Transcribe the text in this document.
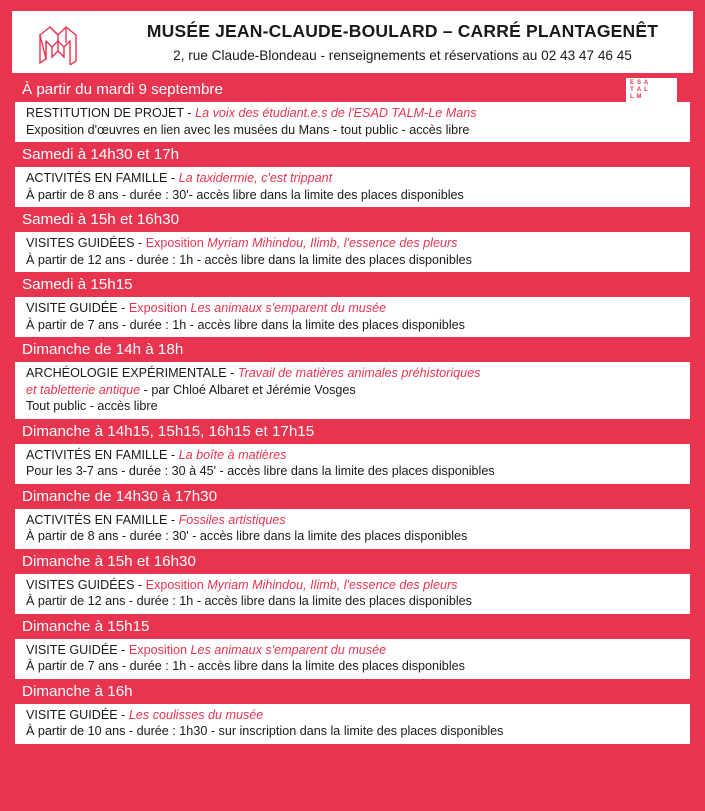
MUSÉE JEAN-CLAUDE-BOULARD – CARRÉ PLANTAGENÊT
2, rue Claude-Blondeau - renseignements et réservations au 02 43 47 46 45
À partir du mardi 9 septembre	E S A
T A L
L M
RESTITUTION DE PROJET - La voix des étudiant.e.s de l'ESAD TALM-Le Mans
Exposition d'œuvres en lien avec les musées du Mans - tout public - accès libre
Samedi à 14h30 et 17h
ACTIVITÉS EN FAMILLE - La taxidermie, c'est trippant
À partir de 8 ans - durée : 30'- accès libre dans la limite des places disponibles
Samedi à 15h et 16h30
VISITES GUIDÉES - Exposition Myriam Mihindou, Ilimb, l'essence des pleurs
À partir de 12 ans - durée : 1h - accès libre dans la limite des places disponibles
Samedi à 15h15
VISITE GUIDÉE - Exposition Les animaux s'emparent du musée
À partir de 7 ans - durée : 1h - accès libre dans la limite des places disponibles
Dimanche de 14h à 18h
ARCHÉOLOGIE EXPÉRIMENTALE - Travail de matières animales préhistoriques
et tabletterie antique - par Chloé Albaret et Jérémie Vosges
Tout public - accès libre
Dimanche à 14h15, 15h15, 16h15 et 17h15
ACTIVITÉS EN FAMILLE - La boîte à matières
Pour les 3-7 ans - durée : 30 à 45' - accès libre dans la limite des places disponibles
Dimanche de 14h30 à 17h30
ACTIVITÉS EN FAMILLE - Fossiles artistiques
À partir de 8 ans - durée : 30' - accès libre dans la limite des places disponibles
Dimanche à 15h et 16h30
VISITES GUIDÉES - Exposition Myriam Mihindou, Ilimb, l'essence des pleurs
À partir de 12 ans - durée : 1h - accès libre dans la limite des places disponibles
Dimanche à 15h15
VISITE GUIDÉE - Exposition Les animaux s'emparent du musée
À partir de 7 ans - durée : 1h - accès libre dans la limite des places disponibles
Dimanche à 16h
VISITE GUIDÉE - Les coulisses du musée
À partir de 10 ans - durée : 1h30 - sur inscription dans la limite des places disponibles
